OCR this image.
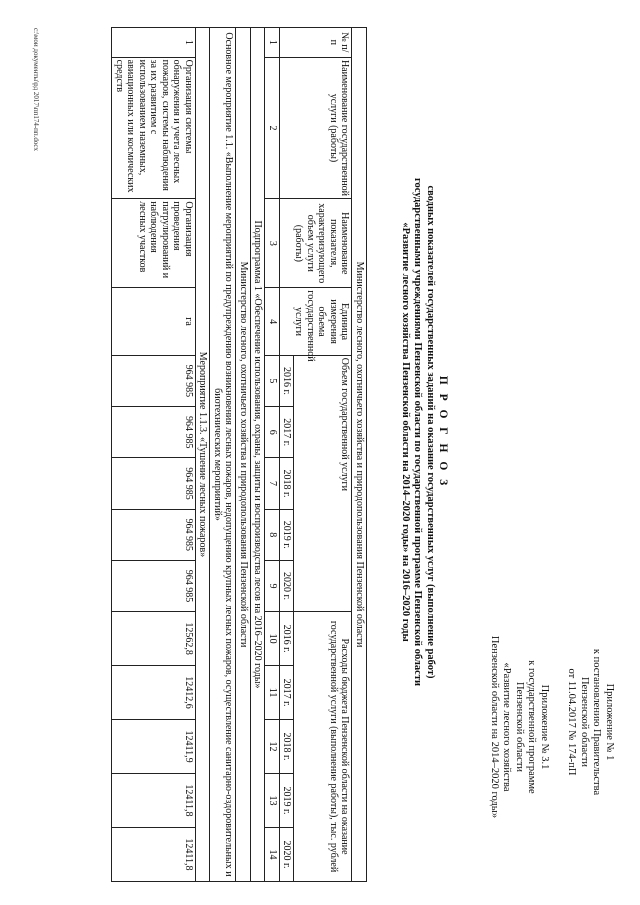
Приложение № 1
к постановлению Правительства
Пензенской области
от 11.04.2017 № 174-пП
Приложение № 3.1
к государственной программе
Пензенской области
«Развитие лесного хозяйства
Пензенской области на 2014–2020 годы»
П Р О Г Н О З
сводных показателей государственных заданий на оказание государственных услуг (выполнение работ)
государственными учреждениями Пензенской области по государственной программе Пензенской области
«Развитие лесного хозяйства Пензенской области на 2014–2020 годы» на 2016–2020 годы
Министерство лесного, охотничьего хозяйства и природопользования Пензенской области													
№ п/п	Наименование государственной услуги (работы)	Наименование показателя, характеризующего объем услуги (работы)	Единица измерения объема государственной услуги	Объем государственной услуги					Расходы бюджета Пензенской области на оказание государственной услуги (выполнение работы), тыс. рублей				
				2016 г.	2017 г.	2018 г.	2019 г.	2020 г.	2016 г.	2017 г.	2018 г.	2019 г.	2020 г.
1	2	3	4	5	6	7	8	9	10	11	12	13	14
Подпрограмма 1 «Обеспечение использования, охраны, защиты и воспроизводства лесов на 2016–2020 годы»													
Министерство лесного, охотничьего хозяйства и природопользования Пензенской области													
Основное мероприятие 1.1. «Выполнение мероприятий по предупреждению возникновения лесных пожаров, недопущению крупных лесных пожаров, осуществление санитарно-оздоровительных и биотехнических мероприятий»													
Мероприятие 1.1.3. «Тушение лесных пожаров»													
1	Организация системы обнаружения и учета лесных пожаров, системы наблюдения за их развитием с использованием наземных, авиационных или космических средств	Организация проведения патрулирований и наблюдения лесных участков	га	964 985	964 985	964 985	964 985	964 985	12562,8	12412,6	12411,9	12411,8	12411,8
c:\мои документы\рд 2017\пп174-пп.docx
